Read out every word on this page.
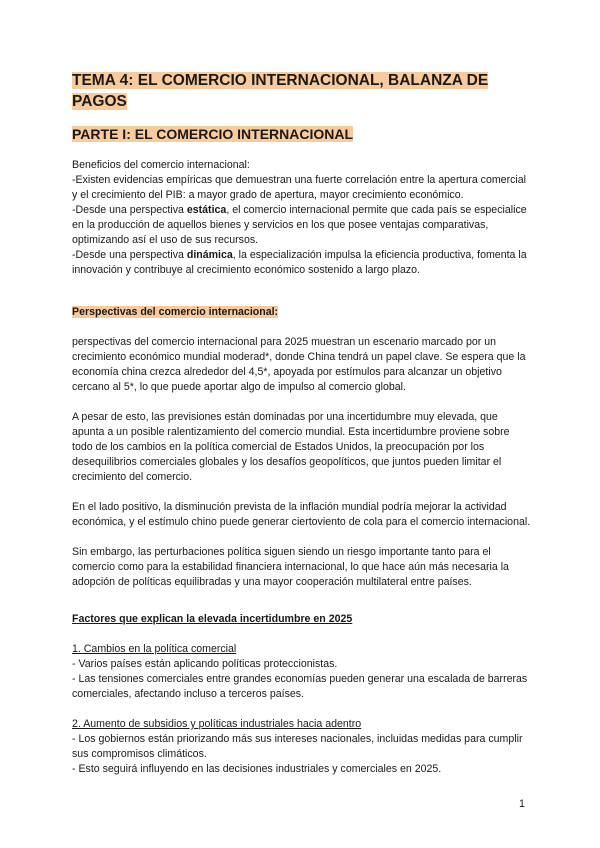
TEMA 4: EL COMERCIO INTERNACIONAL, BALANZA DE PAGOS
PARTE I: EL COMERCIO INTERNACIONAL

Beneficios del comercio internacional:

-Existen evidencias empíricas que demuestran una fuerte correlación entre la apertura comercial y el crecimiento del PIB: a mayor grado de apertura, mayor crecimiento económico.

-Desde una perspectiva estática, el comercio internacional permite que cada país se especialice en la producción de aquellos bienes y servicios en los que posee ventajas comparativas, optimizando así el uso de sus recursos.

-Desde una perspectiva dinámica, la especialización impulsa la eficiencia productiva, fomenta la innovación y contribuye al crecimiento económico sostenido a largo plazo.

Perspectivas del comercio internacional:

perspectivas del comercio internacional para 2025 muestran un escenario marcado por un crecimiento económico mundial moderad*, donde China tendrá un papel clave. Se espera que la economía china crezca alrededor del 4,5*, apoyada por estímulos para alcanzar un objetivo cercano al 5*, lo que puede aportar algo de impulso al comercio global.

A pesar de esto, las previsiones están dominadas por una incertidumbre muy elevada, que apunta a un posible ralentizamiento del comercio mundial. Esta incertidumbre proviene sobre todo de los cambios en la política comercial de Estados Unidos, la preocupación por los desequilibrios comerciales globales y los desafíos geopolíticos, que juntos pueden limitar el crecimiento del comercio.

En el lado positivo, la disminución prevista de la inflación mundial podría mejorar la actividad económica, y el estímulo chino puede generar ciertoviento de cola para el comercio internacional.

Sin embargo, las perturbaciones política siguen siendo un riesgo importante tanto para el comercio como para la estabilidad financiera internacional, lo que hace aún más necesaria la adopción de políticas equilibradas y una mayor cooperación multilateral entre países.

Factores que explican la elevada incertidumbre en 2025

1. Cambios en la política comercial

- Varios países están aplicando políticas proteccionistas.

- Las tensiones comerciales entre grandes economías pueden generar una escalada de barreras comerciales, afectando incluso a terceros países.

2. Aumento de subsidios y políticas industriales hacia adentro

- Los gobiernos están priorizando más sus intereses nacionales, incluidas medidas para cumplir sus compromisos climáticos.

- Esto seguirá influyendo en las decisiones industriales y comerciales en 2025.

1
